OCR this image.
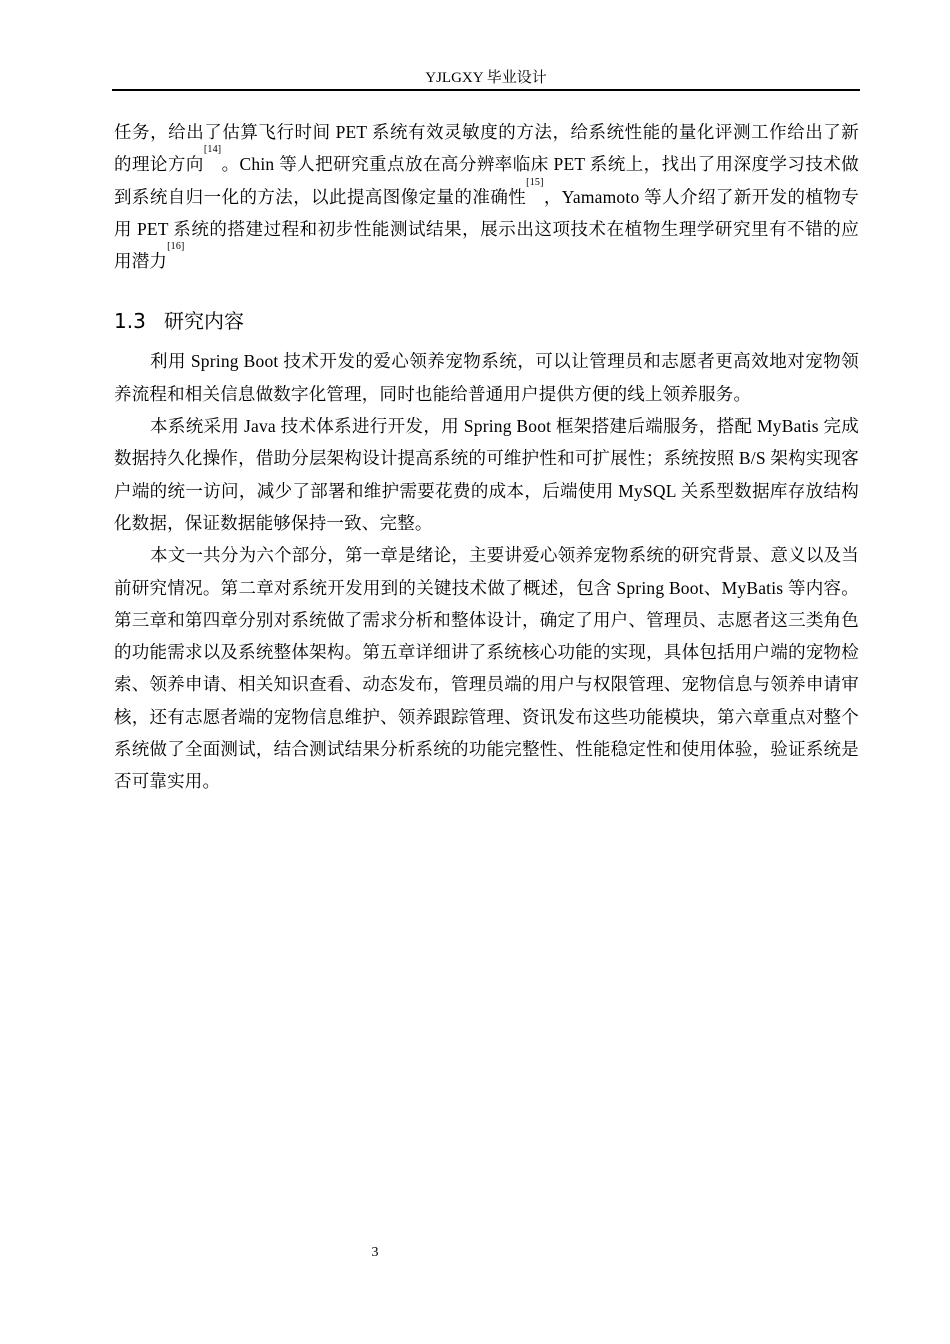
YJLGXY 毕业设计

任务，给出了估算飞行时间 PET 系统有效灵敏度的方法，给系统性能的量化评测工作给出了新的理论方向[14]。Chin 等人把研究重点放在高分辨率临床 PET 系统上，找出了用深度学习技术做到系统自归一化的方法，以此提高图像定量的准确性[15]，Yamamoto 等人介绍了新开发的植物专用 PET 系统的搭建过程和初步性能测试结果，展示出这项技术在植物生理学研究里有不错的应用潜力[16]

1.3 研究内容

利用 Spring Boot 技术开发的爱心领养宠物系统，可以让管理员和志愿者更高效地对宠物领养流程和相关信息做数字化管理，同时也能给普通用户提供方便的线上领养服务。

本系统采用 Java 技术体系进行开发，用 Spring Boot 框架搭建后端服务，搭配 MyBatis 完成数据持久化操作，借助分层架构设计提高系统的可维护性和可扩展性；系统按照 B/S 架构实现客户端的统一访问，减少了部署和维护需要花费的成本，后端使用 MySQL 关系型数据库存放结构化数据，保证数据能够保持一致、完整。

本文一共分为六个部分，第一章是绪论，主要讲爱心领养宠物系统的研究背景、意义以及当前研究情况。第二章对系统开发用到的关键技术做了概述，包含 Spring Boot、MyBatis 等内容。第三章和第四章分别对系统做了需求分析和整体设计，确定了用户、管理员、志愿者这三类角色的功能需求以及系统整体架构。第五章详细讲了系统核心功能的实现，具体包括用户端的宠物检索、领养申请、相关知识查看、动态发布，管理员端的用户与权限管理、宠物信息与领养申请审核，还有志愿者端的宠物信息维护、领养跟踪管理、资讯发布这些功能模块，第六章重点对整个系统做了全面测试，结合测试结果分析系统的功能完整性、性能稳定性和使用体验，验证系统是否可靠实用。

3
